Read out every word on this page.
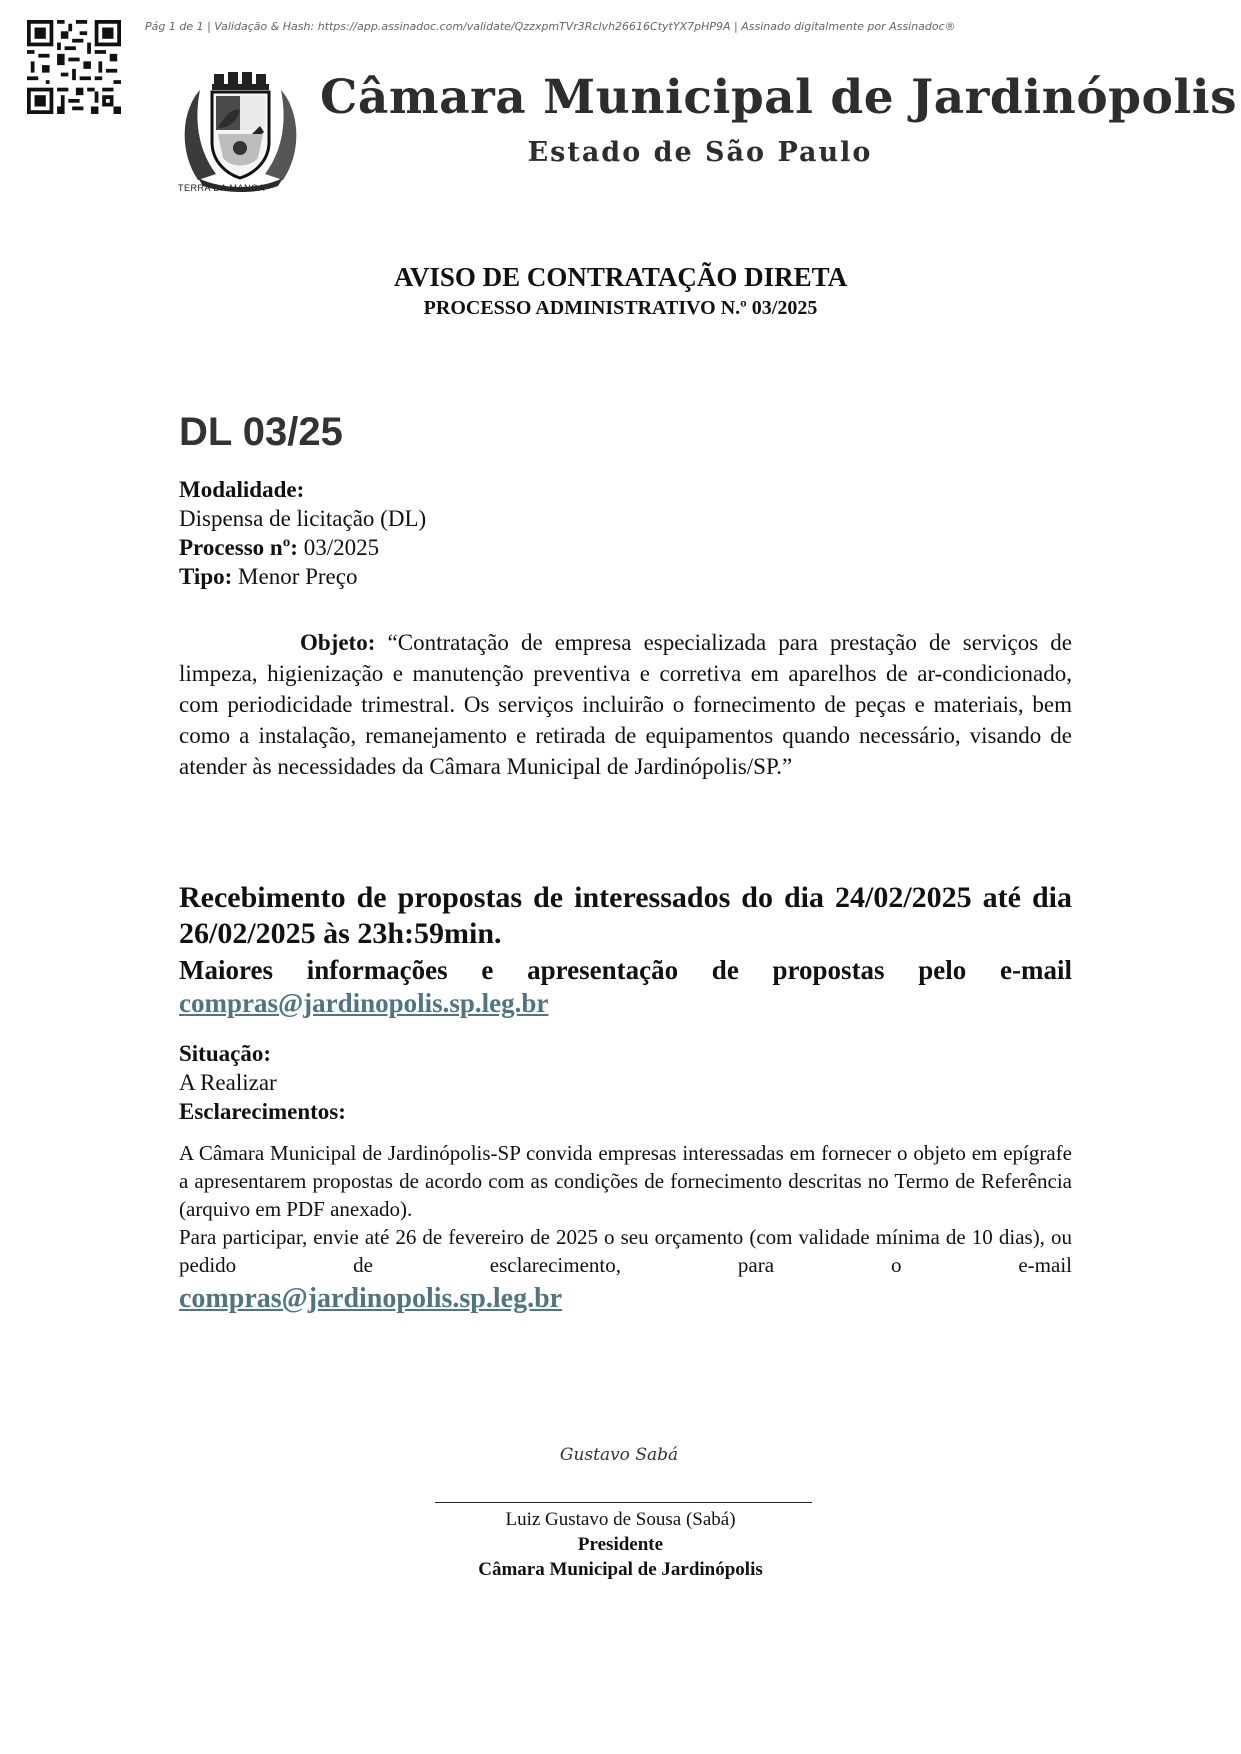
Pág 1 de 1 | Validação & Hash: https://app.assinadoc.com/validate/QzzxpmTVr3Rclvh26616CtytYX7pHP9A | Assinado digitalmente por Assinadoc®
TERRA DA MANGA
Câmara Municipal de Jardinópolis
Estado de São Paulo
AVISO DE CONTRATAÇÃO DIRETA
PROCESSO ADMINISTRATIVO N.º 03/2025
DL 03/25
Modalidade:
Dispensa de licitação (DL)
Processo nº: 03/2025
Tipo: Menor Preço
Objeto: “Contratação de empresa especializada para prestação de serviços de limpeza, higienização e manutenção preventiva e corretiva em aparelhos de ar-condicionado, com periodicidade trimestral. Os serviços incluirão o fornecimento de peças e materiais, bem como a instalação, remanejamento e retirada de equipamentos quando necessário, visando de atender às necessidades da Câmara Municipal de Jardinópolis/SP.”
Recebimento de propostas de interessados do dia 24/02/2025 até dia 26/02/2025 às 23h:59min.
Maiores informações e apresentação de propostas pelo e-mail compras@jardinopolis.sp.leg.br
Situação:
A Realizar
Esclarecimentos:
A Câmara Municipal de Jardinópolis-SP convida empresas interessadas em fornecer o objeto em epígrafe a apresentarem propostas de acordo com as condições de fornecimento descritas no Termo de Referência (arquivo em PDF anexado).
Para participar, envie até 26 de fevereiro de 2025 o seu orçamento (com validade mínima de 10 dias), ou pedido de esclarecimento, para o e-mail
compras@jardinopolis.sp.leg.br
Gustavo Sabá
Luiz Gustavo de Sousa (Sabá)
Presidente
Câmara Municipal de Jardinópolis
